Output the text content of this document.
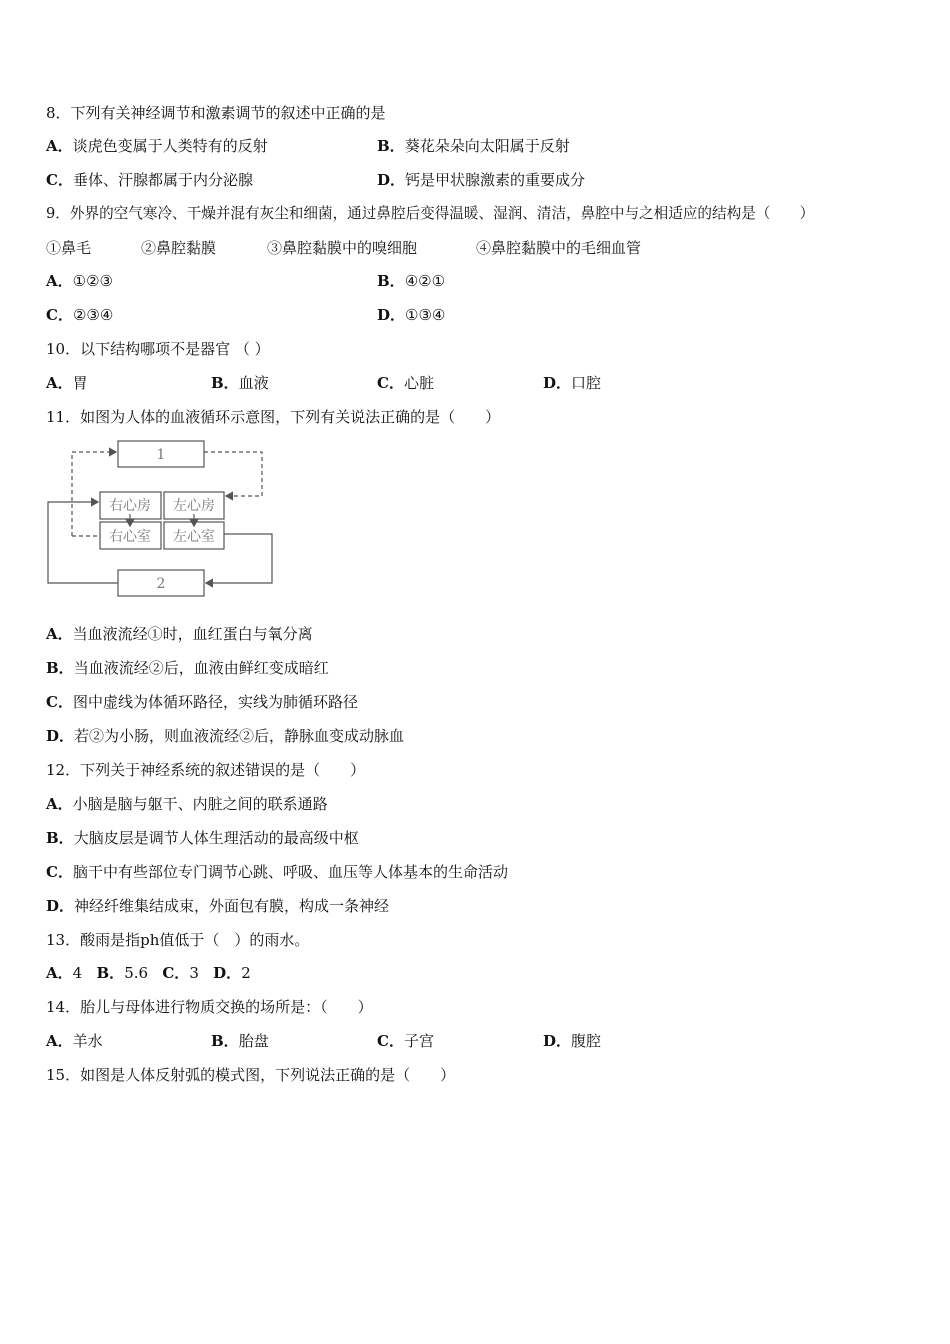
8．下列有关神经调节和激素调节的叙述中正确的是
A．谈虎色变属于人类特有的反射	B．葵花朵朵向太阳属于反射
C．垂体、汗腺都属于内分泌腺	D．钙是甲状腺激素的重要成分
9．外界的空气寒冷、干燥并混有灰尘和细菌，通过鼻腔后变得温暖、湿润、清洁，鼻腔中与之相适应的结构是（　　）
①鼻毛	②鼻腔黏膜	③鼻腔黏膜中的嗅细胞	④鼻腔黏膜中的毛细血管
A．①②③	B．④②①
C．②③④	D．①③④
10．以下结构哪项不是器官 （ ）
A．胃	B．血液	C．心脏	D．口腔
11．如图为人体的血液循环示意图，下列有关说法正确的是（　　）
1
右心房 左心房
右心室 左心室
2
A．当血液流经①时，血红蛋白与氧分离
B．当血液流经②后，血液由鲜红变成暗红
C．图中虚线为体循环路径，实线为肺循环路径
D．若②为小肠，则血液流经②后，静脉血变成动脉血
12．下列关于神经系统的叙述错误的是（　　）
A．小脑是脑与躯干、内脏之间的联系通路
B．大脑皮层是调节人体生理活动的最高级中枢
C．脑干中有些部位专门调节心跳、呼吸、血压等人体基本的生命活动
D．神经纤维集结成束，外面包有膜，构成一条神经
13．酸雨是指ph值低于（　）的雨水。
A．4 B．5.6 C．3 D．2
14．胎儿与母体进行物质交换的场所是：（　　）
A．羊水	B．胎盘	C．子宫	D．腹腔
15．如图是人体反射弧的模式图，下列说法正确的是（　　）
